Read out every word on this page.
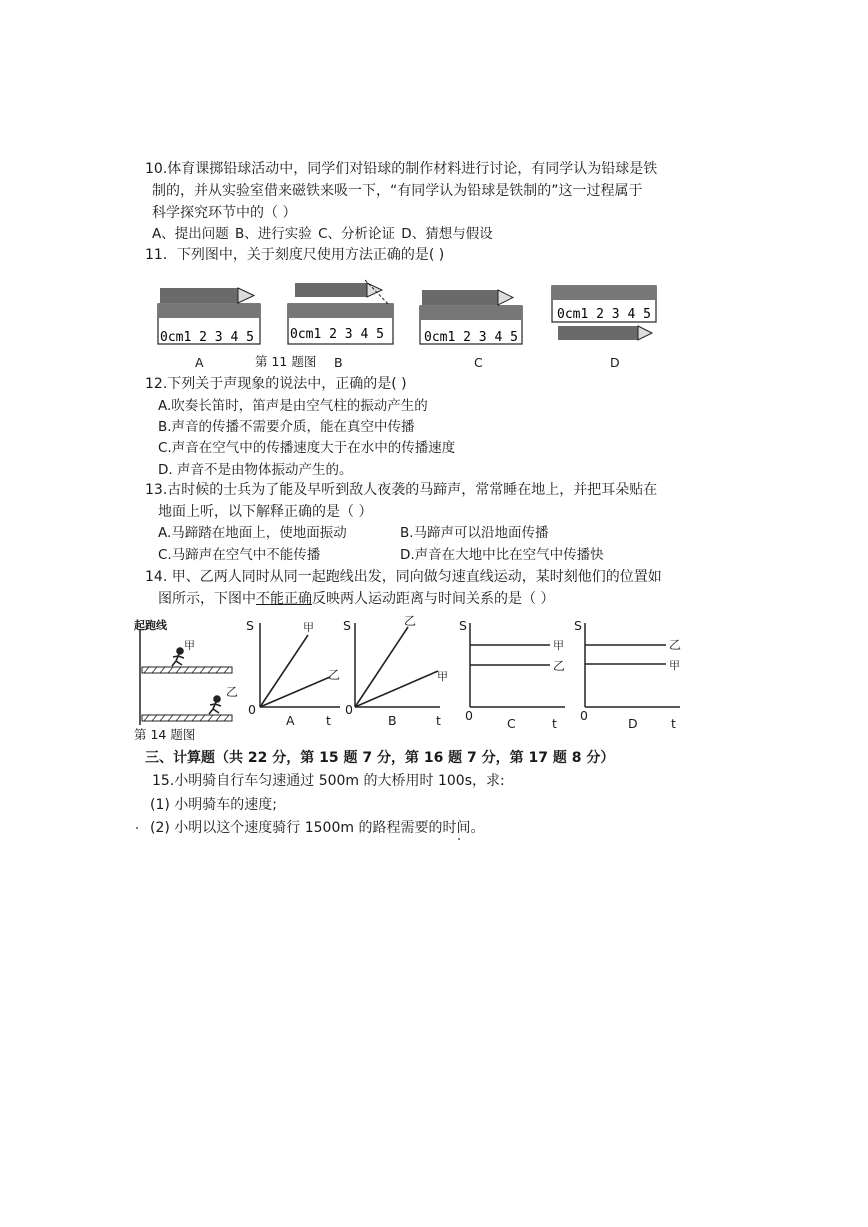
10.体育课掷铅球活动中，同学们对铅球的制作材料进行讨论，有同学认为铅球是铁
制的，并从实验室借来磁铁来吸一下，“有同学认为铅球是铁制的”这一过程属于
科学探究环节中的（ ）
A、提出问题 B、进行实验 C、分析论证 D、猜想与假设
11．下列图中，关于刻度尺使用方法正确的是( )
0cm1 2 3 4 5	0cm1 2 3 4 5	0cm1 2 3 4 5
0cm1 2 3 4 5
A	第 11 题图 B	C	D
12.下列关于声现象的说法中，正确的是( )
A.吹奏长笛时，笛声是由空气柱的振动产生的
B.声音的传播不需要介质，能在真空中传播
C.声音在空气中的传播速度大于在水中的传播速度
D. 声音不是由物体振动产生的。
13.古时候的士兵为了能及早听到敌人夜袭的马蹄声，常常睡在地上，并把耳朵贴在
地面上听，以下解释正确的是（ ）
A.马蹄踏在地面上，使地面振动	B.马蹄声可以沿地面传播
C.马蹄声在空气中不能传播	D.声音在大地中比在空气中传播快
14. 甲、乙两人同时从同一起跑线出发，同向做匀速直线运动，某时刻他们的位置如
图所示，下图中不能正确反映两人运动距离与时间关系的是（ ）
起跑线
甲
乙
第 14 题图
S	甲
乙
0
A	t
S	乙
甲
0
B	t
S
甲
乙
0
C	t
S
乙
甲
0
D	t
三、计算题（共 22 分，第 15 题 7 分，第 16 题 7 分，第 17 题 8 分）
15.小明骑自行车匀速通过 500m 的大桥用时 100s，求:
(1) 小明骑车的速度;
(2) 小明以这个速度骑行 1500m 的路程需要的时间。
